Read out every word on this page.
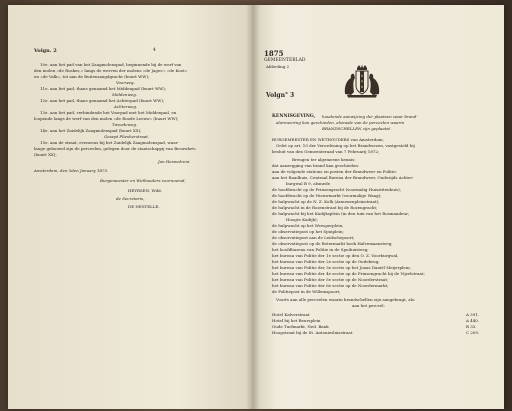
Volgn. 2	4
10e. aan het pad van het Zaagmolenspad, beginnende bij de werf van
den molen »de Roskes,« langs de werven der molens »de Jager,« »de Koot«
en »de Valk«, tot aan de Buitenzaagdgracht (buurt WW);
Voorweg.
11e. aan het pad, thans genaamd het Middenpad (buurt WW);
Middenweg.
12e. aan het pad, thans genaamd het Achterpad (buurt WW);
Achterweg.
13e. aan het pad, verbindende het Voorpad met het Middenpad, en
loopende langs de werf van den molen »de Roode Leeuw« (buurt WW);
Tweedeweg.
14e. aan het Zuidelijk Zaagmolenspad (buurt XX);
Gesept Pliesherstraat.
15e. aan de straat, eveneens bij het Zuidelijk Zaagmolenspad, waar-
lange gebouwd zijn de perceelen, gelegen door de staatschappij van Brouwhet«
(buurt XX);
Jan Hesmolreni.
Amsterdam, den 5den January 1875.
Burgemeester en Wethouders voornoemd,
HEYRSEN, Wild.
de Secretaris,
DE NESTELLE.
1875
GEMEENTEBLAD
Afdeeling 2
Volgn° 3
KENNISGEVING, houdende aanwijzing der plaatsen waar brand-
alarmeering kan geschieden, alsmede van de perceelen waarin
BRANDSCHELLEN zijn geplaatst.
BURGEMEESTER EN WETHOUDERS van Amsterdam;
Gelet op art. 10 der Verordening op het Brandwezen, vastgesteld bij
besluit van den Gemeenteraad van 7 Februarij 1872;
Brengen ter algemeene kennis:
dat aanzegging van brand kan geschieden:
aan de volgende stations en posten der Brandweer en Politie:
aan het Raadhuis, Centraal Bureau der Brandweer, Oudezijds Achter-
burgwal B 9, alsmede
de hoofdwacht op de Prinsengracht (voormalig Huiszittenhuis);
de hoofdwacht op de Nieuwmarkt (voormalige Waag);
de hulpwacht op de N. Z. Kolk (Armenenpleinstraat);
de hulpwacht in de Rozenstraat bij de Rozengracht;
de hulpwacht bij het Kadijksplein (in den tuin van het Rosmandeur;
Hoogte Kadijk);
de hulpwacht op het Weesperplein;
de observatiepost op het Spuiplein;
de observatiepost aan de Leidschepoort;
de observatiepost op de Botermarkt hoek Halvemaansteeg;
het hoofdbureau van Politie in de Spuihuisteeg;
het bureau van Politie der 1e sectie op den O. Z. Voorburgwal,
het bureau van Politie der 2e sectie op de Oudebrug;
het bureau van Politie der 3e sectie op het Jonas Daniël Meijerplein;
het bureau van Politie der 4e sectie op de Prinsengracht bij de Vijzelstraat;
het bureau van Politie der 5e sectie op de Noorderstraat;
het bureau van Politie der 6e sectie op de Noordermarkt;
de Politiepost in de Willemspoort;
Voorts aan alle perceelen waarin brandschellen zijn aangebragt, als:
aan het perceel:
Hotel Kalverstraat	A 391.
Hotel bij het Beursplein	A 440.
Oude Turfmarkt, Ned. Bank	B 33.
Hoogstraat bij de St. Antoniesluisstraat	C 209.
×
×
×
